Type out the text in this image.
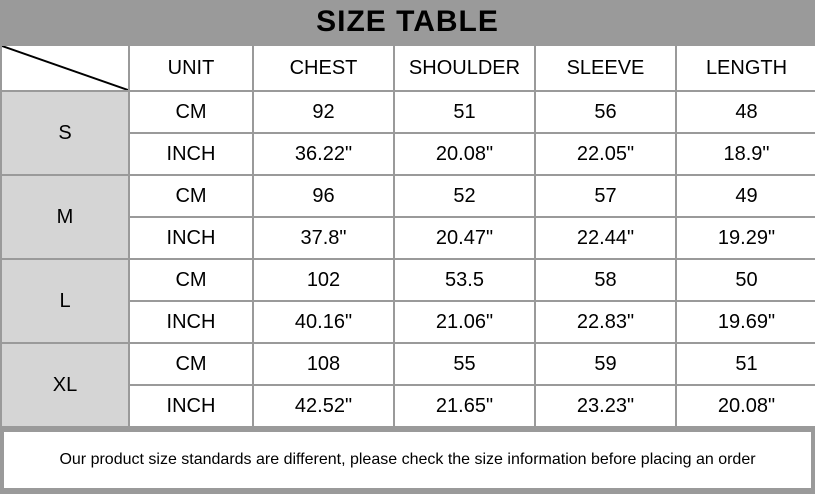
SIZE TABLE
	UNIT	CHEST	SHOULDER	SLEEVE	LENGTH
S	CM	92	51	56	48
	INCH	36.22"	20.08"	22.05"	18.9"
M	CM	96	52	57	49
	INCH	37.8"	20.47"	22.44"	19.29"
L	CM	102	53.5	58	50
	INCH	40.16"	21.06"	22.83"	19.69"
XL	CM	108	55	59	51
	INCH	42.52"	21.65"	23.23"	20.08"
Our product size standards are different, please check the size information before placing an order
